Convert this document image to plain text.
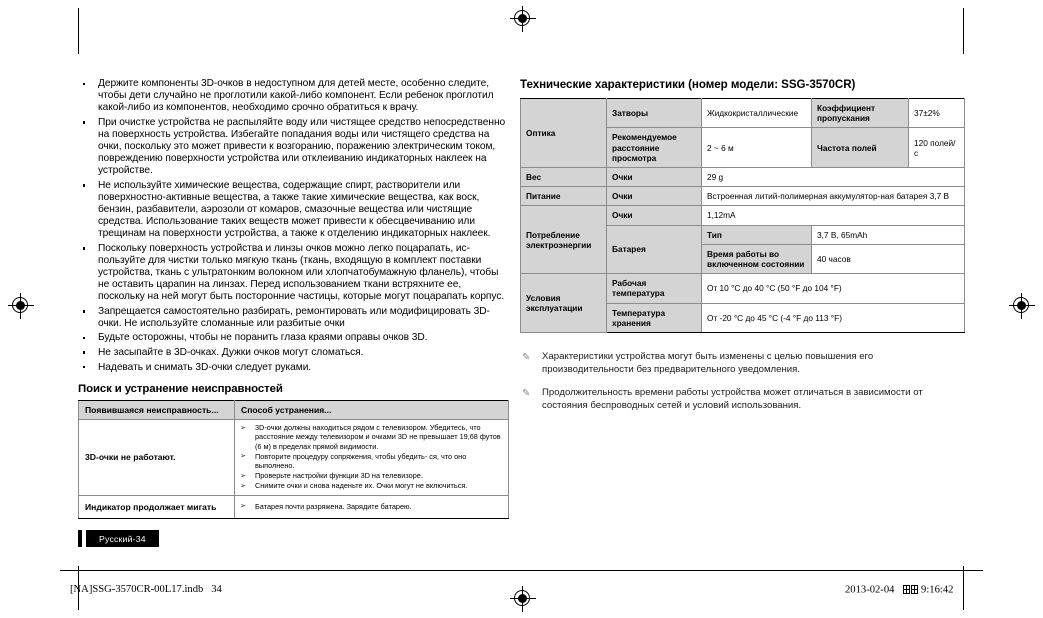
Держите компоненты 3D-очков в недоступном для детей месте, особенно следите, чтобы дети случайно не проглотили какой-либо компонент. Если ребенок проглотил какой-либо из компонентов, необходимо срочно обратиться к врачу.
При очистке устройства не распыляйте воду или чистящее средство непосредственно на поверхность устройства. Избегайте попадания воды или чистящего средства на очки, поскольку это может привести к возгоранию, поражению электрическим током, повреждению поверхности устройства или отклеиванию индикаторных наклеек на устройстве.
Не используйте химические вещества, содержащие спирт, растворители или поверхностно-активные вещества, а также такие химические вещества, как воск, бензин, разбавители, аэрозоли от комаров, смазочные вещества или чистящие средства. Использование таких веществ может привести к обесцвечиванию или трещинам на поверхности устройства, а также к отделению индикаторных наклеек.
Поскольку поверхность устройства и линзы очков можно легко поцарапать, ис- пользуйте для чистки только мягкую ткань (ткань, входящую в комплект поставки устройства, ткань с ультратонким волокном или хлопчатобумажную фланель), чтобы не оставить царапин на линзах. Перед использованием ткани встряхните ее, поскольку на ней могут быть посторонние частицы, которые могут поцарапать корпус.
Запрещается самостоятельно разбирать, ремонтировать или модифицировать 3D-очки. Не используйте сломанные или разбитые очки
Будьте осторожны, чтобы не поранить глаза краями оправы очков 3D.
Не засыпайте в 3D-очках. Дужки очков могут сломаться.
Надевать и снимать 3D-очки следует руками.
Поиск и устранение неисправностей
Появившаяся неисправность...	Способ устранения...
3D-очки не работают.	
➢ 3D-очки должны находиться рядом с телевизором. Убедитесь, что расстояние между телевизором и очками 3D не превышает 19,68 футов (6 м) в пределах прямой видимости.
➢ Повторите процедуру сопряжения, чтобы убедить- ся, что оно выполнено.
➢ Проверьте настройки функции 3D на телевизоре.
➢ Снимите очки и снова наденьте их. Очки могут не включиться.

Индикатор продолжает мигать	➢ Батарея почти разряжена. Зарядите батарею.
Русский-34
Технические характеристики (номер модели: SSG-3570CR)
Оптика	Затворы	Жидкокристаллические	Коэффициент пропускания	37±2%
	Рекомендуемое расстояние просмотра	2 ~ 6 м	Частота полей	120 полей/с
Вес	Очки	29 g		
Питание	Очки	Встроенная литий-полимерная аккумулятор-ная батарея 3,7 В		
Потребление электроэнергии	Очки	1,12mA		
	Батарея	Тип	3,7 В, 65mAh	
		Время работы во включенном состоянии	40 часов	
Условия эксплуатации	Рабочая температура	От 10 °C до 40 °C (50 °F до 104 °F)		
	Температура хранения	От -20 °C до 45 °C (-4 °F до 113 °F)		
✎	Характеристики устройства могут быть изменены с целью повышения его производительности без предварительного уведомления.
✎	Продолжительность времени работы устройства может отличаться в зависимости от состояния беспроводных сетей и условий использования.
[NA]SSG-3570CR-00L17.indb   34	2013-02-04	9:16:42
